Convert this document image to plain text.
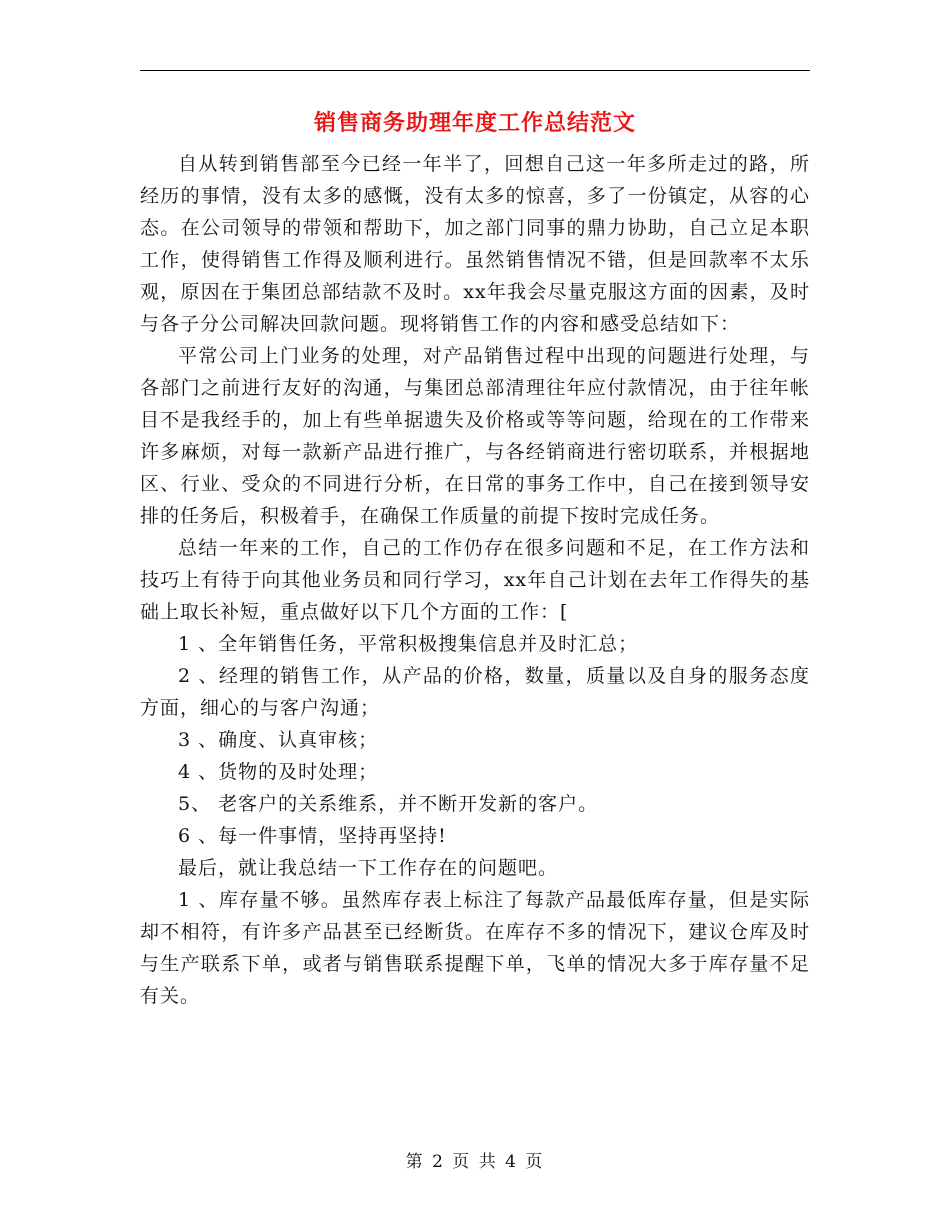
销售商务助理年度工作总结范文

自从转到销售部至今已经一年半了，回想自己这一年多所走过的路，所经历的事情，没有太多的感慨，没有太多的惊喜，多了一份镇定，从容的心态。在公司领导的带领和帮助下，加之部门同事的鼎力协助，自己立足本职工作，使得销售工作得及顺利进行。虽然销售情况不错，但是回款率不太乐观，原因在于集团总部结款不及时。xx年我会尽量克服这方面的因素，及时与各子分公司解决回款问题。现将销售工作的内容和感受总结如下：

平常公司上门业务的处理，对产品销售过程中出现的问题进行处理，与各部门之前进行友好的沟通，与集团总部清理往年应付款情况，由于往年帐目不是我经手的，加上有些单据遗失及价格或等等问题，给现在的工作带来许多麻烦，对每一款新产品进行推广，与各经销商进行密切联系，并根据地区、行业、受众的不同进行分析，在日常的事务工作中，自己在接到领导安排的任务后，积极着手，在确保工作质量的前提下按时完成任务。

总结一年来的工作，自己的工作仍存在很多问题和不足，在工作方法和技巧上有待于向其他业务员和同行学习，xx年自己计划在去年工作得失的基础上取长补短，重点做好以下几个方面的工作：[

1 、全年销售任务，平常积极搜集信息并及时汇总；

2 、经理的销售工作，从产品的价格，数量，质量以及自身的服务态度方面，细心的与客户沟通；

3 、确度、认真审核；

4 、货物的及时处理；

5、 老客户的关系维系，并不断开发新的客户。

6 、每一件事情，坚持再坚持!

最后，就让我总结一下工作存在的问题吧。

1 、库存量不够。虽然库存表上标注了每款产品最低库存量，但是实际却不相符，有许多产品甚至已经断货。在库存不多的情况下，建议仓库及时与生产联系下单，或者与销售联系提醒下单，飞单的情况大多于库存量不足有关。

第 2 页 共 4 页
